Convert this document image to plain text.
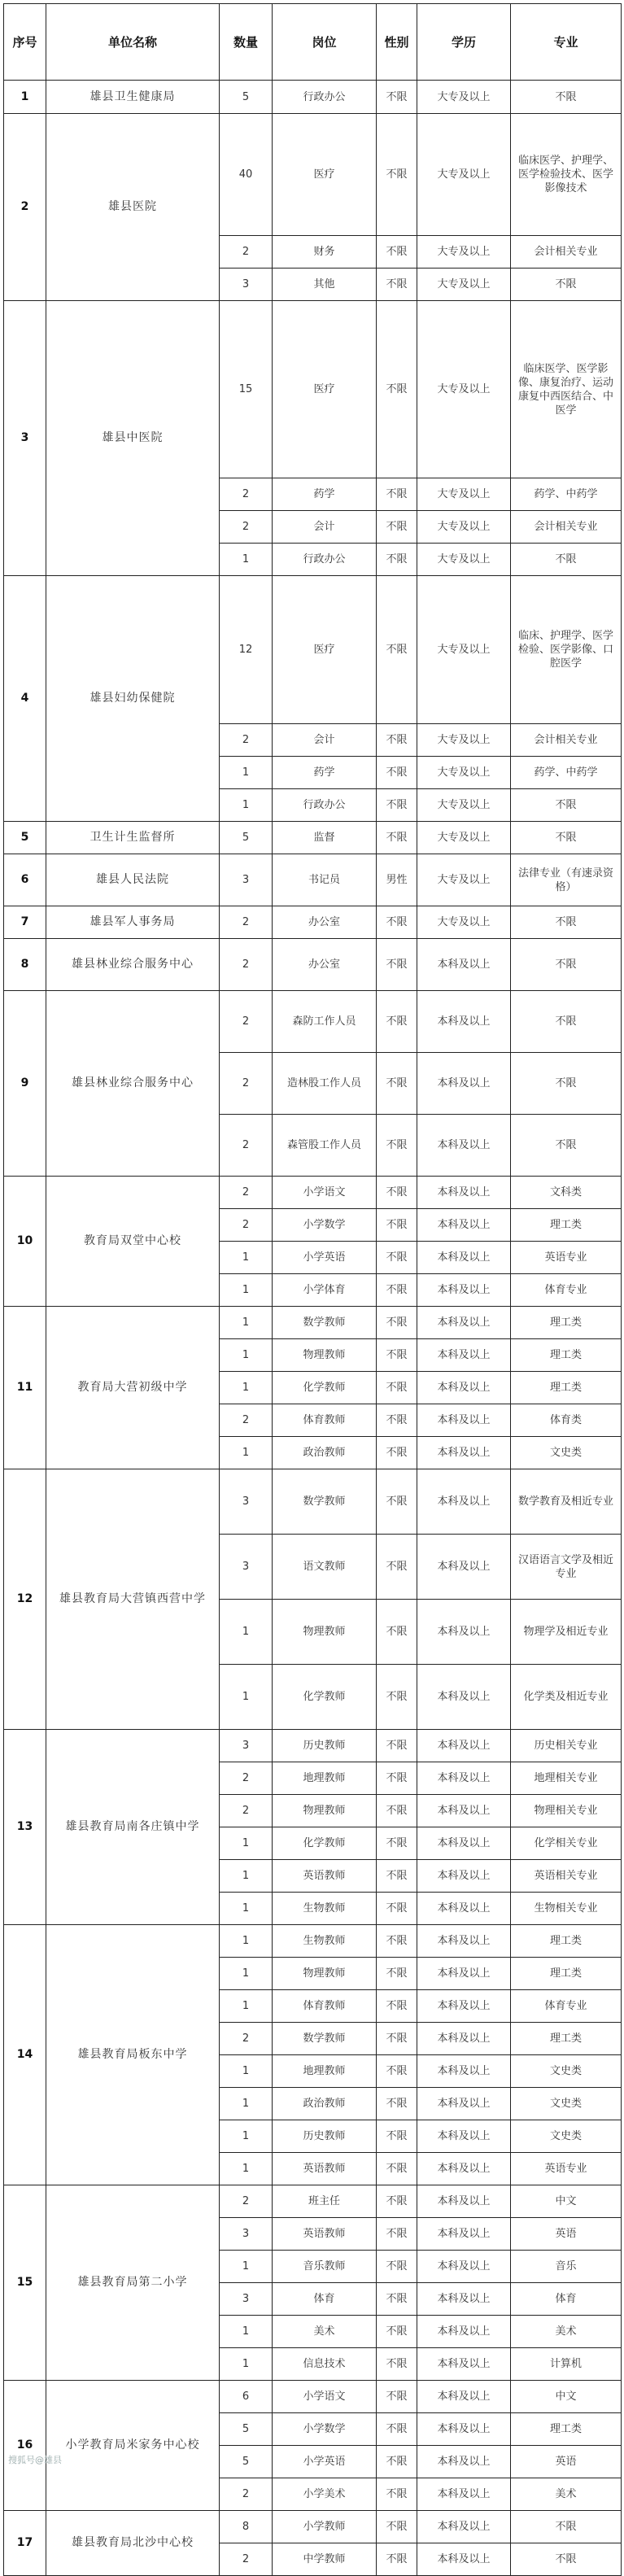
序号	单位名称	数量	岗位	性别	学历	专业
1	雄县卫生健康局	5	行政办公	不限	大专及以上	不限
2	雄县医院	40	医疗	不限	大专及以上	临床医学、护理学、医学检验技术、医学影像技术
		2	财务	不限	大专及以上	会计相关专业
		3	其他	不限	大专及以上	不限
3	雄县中医院	15	医疗	不限	大专及以上	临床医学、医学影像、康复治疗、运动康复中西医结合、中医学
		2	药学	不限	大专及以上	药学、中药学
		2	会计	不限	大专及以上	会计相关专业
		1	行政办公	不限	大专及以上	不限
4	雄县妇幼保健院	12	医疗	不限	大专及以上	临床、护理学、医学检验、医学影像、口腔医学
		2	会计	不限	大专及以上	会计相关专业
		1	药学	不限	大专及以上	药学、中药学
		1	行政办公	不限	大专及以上	不限
5	卫生计生监督所	5	监督	不限	大专及以上	不限
6	雄县人民法院	3	书记员	男性	大专及以上	法律专业（有速录资格）
7	雄县军人事务局	2	办公室	不限	大专及以上	不限
8	雄县林业综合服务中心	2	办公室	不限	本科及以上	不限
9	雄县林业综合服务中心	2	森防工作人员	不限	本科及以上	不限
		2	造林股工作人员	不限	本科及以上	不限
		2	森管股工作人员	不限	本科及以上	不限
10	教育局双堂中心校	2	小学语文	不限	本科及以上	文科类
		2	小学数学	不限	本科及以上	理工类
		1	小学英语	不限	本科及以上	英语专业
		1	小学体育	不限	本科及以上	体育专业
11	教育局大营初级中学	1	数学教师	不限	本科及以上	理工类
		1	物理教师	不限	本科及以上	理工类
		1	化学教师	不限	本科及以上	理工类
		2	体育教师	不限	本科及以上	体育类
		1	政治教师	不限	本科及以上	文史类
12	雄县教育局大营镇西营中学	3	数学教师	不限	本科及以上	数学教育及相近专业
		3	语文教师	不限	本科及以上	汉语语言文学及相近专业
		1	物理教师	不限	本科及以上	物理学及相近专业
		1	化学教师	不限	本科及以上	化学类及相近专业
13	雄县教育局南各庄镇中学	3	历史教师	不限	本科及以上	历史相关专业
		2	地理教师	不限	本科及以上	地理相关专业
		2	物理教师	不限	本科及以上	物理相关专业
		1	化学教师	不限	本科及以上	化学相关专业
		1	英语教师	不限	本科及以上	英语相关专业
		1	生物教师	不限	本科及以上	生物相关专业
14	雄县教育局板东中学	1	生物教师	不限	本科及以上	理工类
		1	物理教师	不限	本科及以上	理工类
		1	体育教师	不限	本科及以上	体育专业
		2	数学教师	不限	本科及以上	理工类
		1	地理教师	不限	本科及以上	文史类
		1	政治教师	不限	本科及以上	文史类
		1	历史教师	不限	本科及以上	文史类
		1	英语教师	不限	本科及以上	英语专业
15	雄县教育局第二小学	2	班主任	不限	本科及以上	中文
		3	英语教师	不限	本科及以上	英语
		1	音乐教师	不限	本科及以上	音乐
		3	体育	不限	本科及以上	体育
		1	美术	不限	本科及以上	美术
		1	信息技术	不限	本科及以上	计算机
16	小学教育局米家务中心校	6	小学语文	不限	本科及以上	中文
		5	小学数学	不限	本科及以上	理工类
		5	小学英语	不限	本科及以上	英语
		2	小学美术	不限	本科及以上	美术
17	雄县教育局北沙中心校	8	小学教师	不限	本科及以上	不限
		2	中学教师	不限	本科及以上	不限
搜狐号@雄县
